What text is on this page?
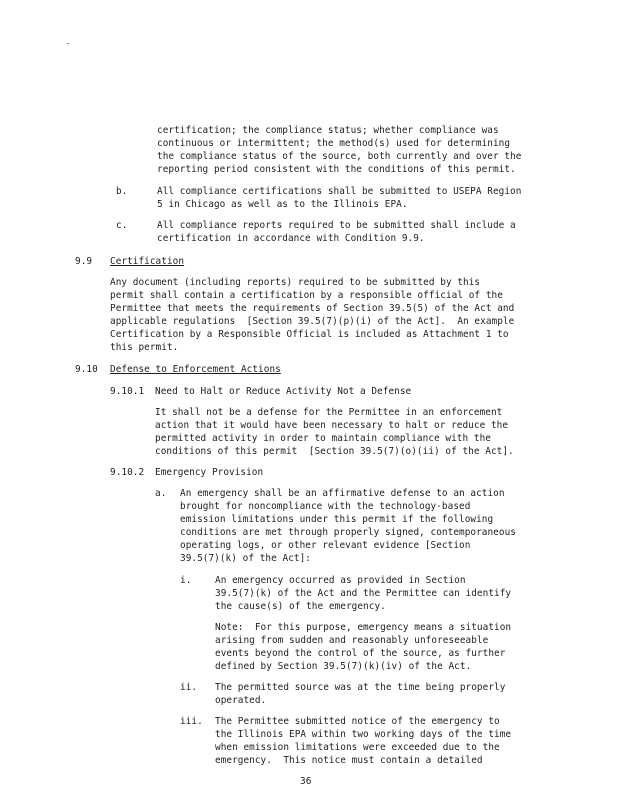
certification; the compliance status; whether compliance was
continuous or intermittent; the method(s) used for determining
the compliance status of the source, both currently and over the
reporting period consistent with the conditions of this permit.
b.	All compliance certifications shall be submitted to USEPA Region
5 in Chicago as well as to the Illinois EPA.
c.	All compliance reports required to be submitted shall include a
certification in accordance with Condition 9.9.
9.9 Certification
Any document (including reports) required to be submitted by this
permit shall contain a certification by a responsible official of the
Permittee that meets the requirements of Section 39.5(5) of the Act and
applicable regulations  [Section 39.5(7)(p)(i) of the Act].  An example
Certification by a Responsible Official is included as Attachment 1 to
this permit.
9.10 Defense to Enforcement Actions
9.10.1 Need to Halt or Reduce Activity Not a Defense
It shall not be a defense for the Permittee in an enforcement
action that it would have been necessary to halt or reduce the
permitted activity in order to maintain compliance with the
conditions of this permit  [Section 39.5(7)(o)(ii) of the Act].
9.10.2 Emergency Provision
a. An emergency shall be an affirmative defense to an action
brought for noncompliance with the technology-based
emission limitations under this permit if the following
conditions are met through properly signed, contemporaneous
operating logs, or other relevant evidence [Section
39.5(7)(k) of the Act]:
i.	An emergency occurred as provided in Section
39.5(7)(k) of the Act and the Permittee can identify
the cause(s) of the emergency.
Note:  For this purpose, emergency means a situation
arising from sudden and reasonably unforeseeable
events beyond the control of the source, as further
defined by Section 39.5(7)(k)(iv) of the Act.
ii. The permitted source was at the time being properly
operated.
iii. The Permittee submitted notice of the emergency to
the Illinois EPA within two working days of the time
when emission limitations were exceeded due to the
emergency.  This notice must contain a detailed
36
